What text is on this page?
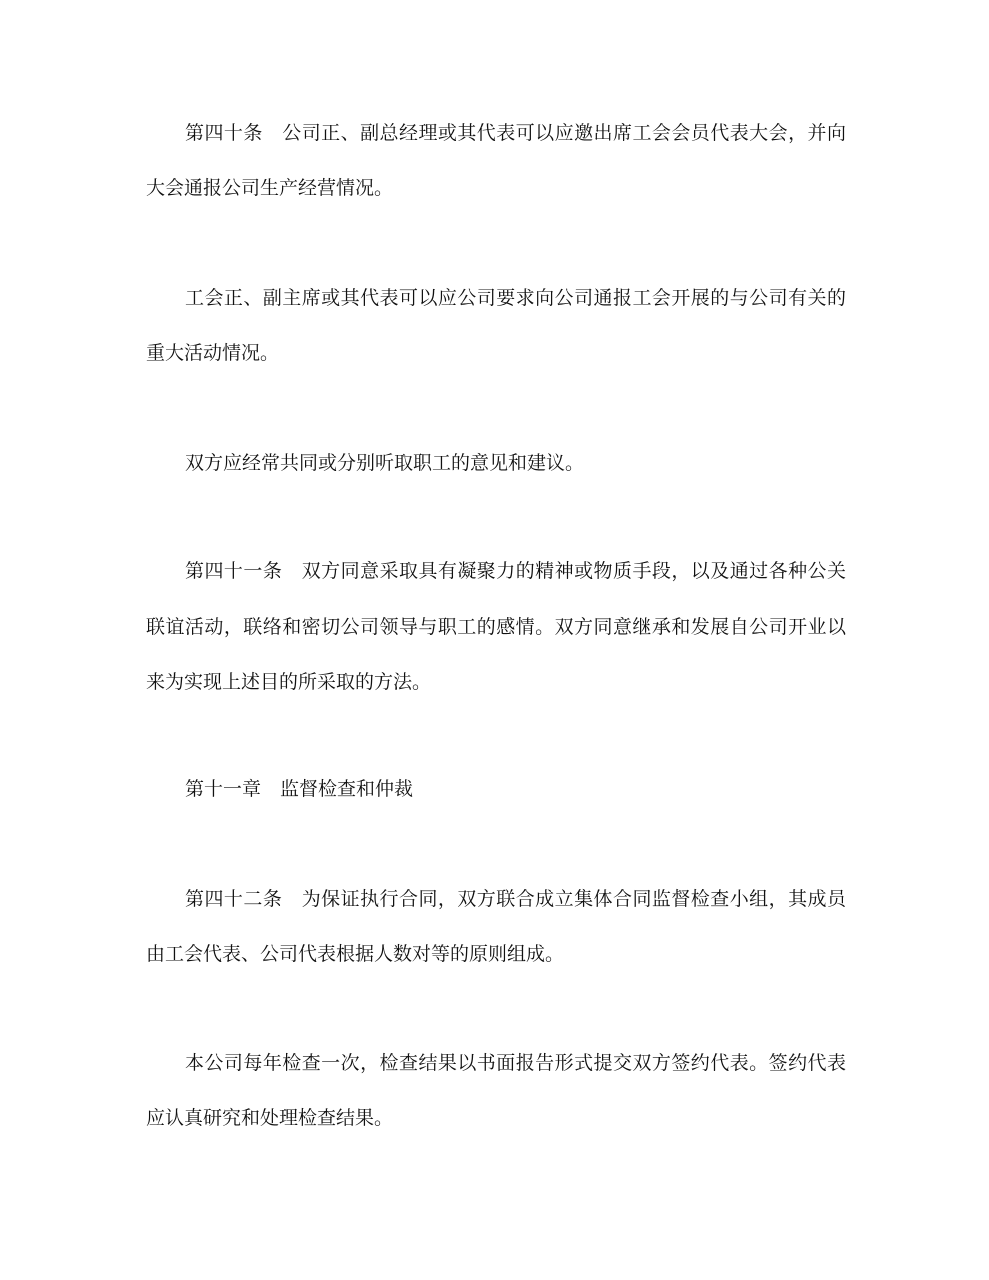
第四十条　公司正、副总经理或其代表可以应邀出席工会会员代表大会，并向
大会通报公司生产经营情况。
工会正、副主席或其代表可以应公司要求向公司通报工会开展的与公司有关的
重大活动情况。
双方应经常共同或分别听取职工的意见和建议。
第四十一条　双方同意采取具有凝聚力的精神或物质手段，以及通过各种公关
联谊活动，联络和密切公司领导与职工的感情。双方同意继承和发展自公司开业以
来为实现上述目的所采取的方法。
第十一章　监督检查和仲裁
第四十二条　为保证执行合同，双方联合成立集体合同监督检查小组，其成员
由工会代表、公司代表根据人数对等的原则组成。
本公司每年检查一次，检查结果以书面报告形式提交双方签约代表。签约代表
应认真研究和处理检查结果。
